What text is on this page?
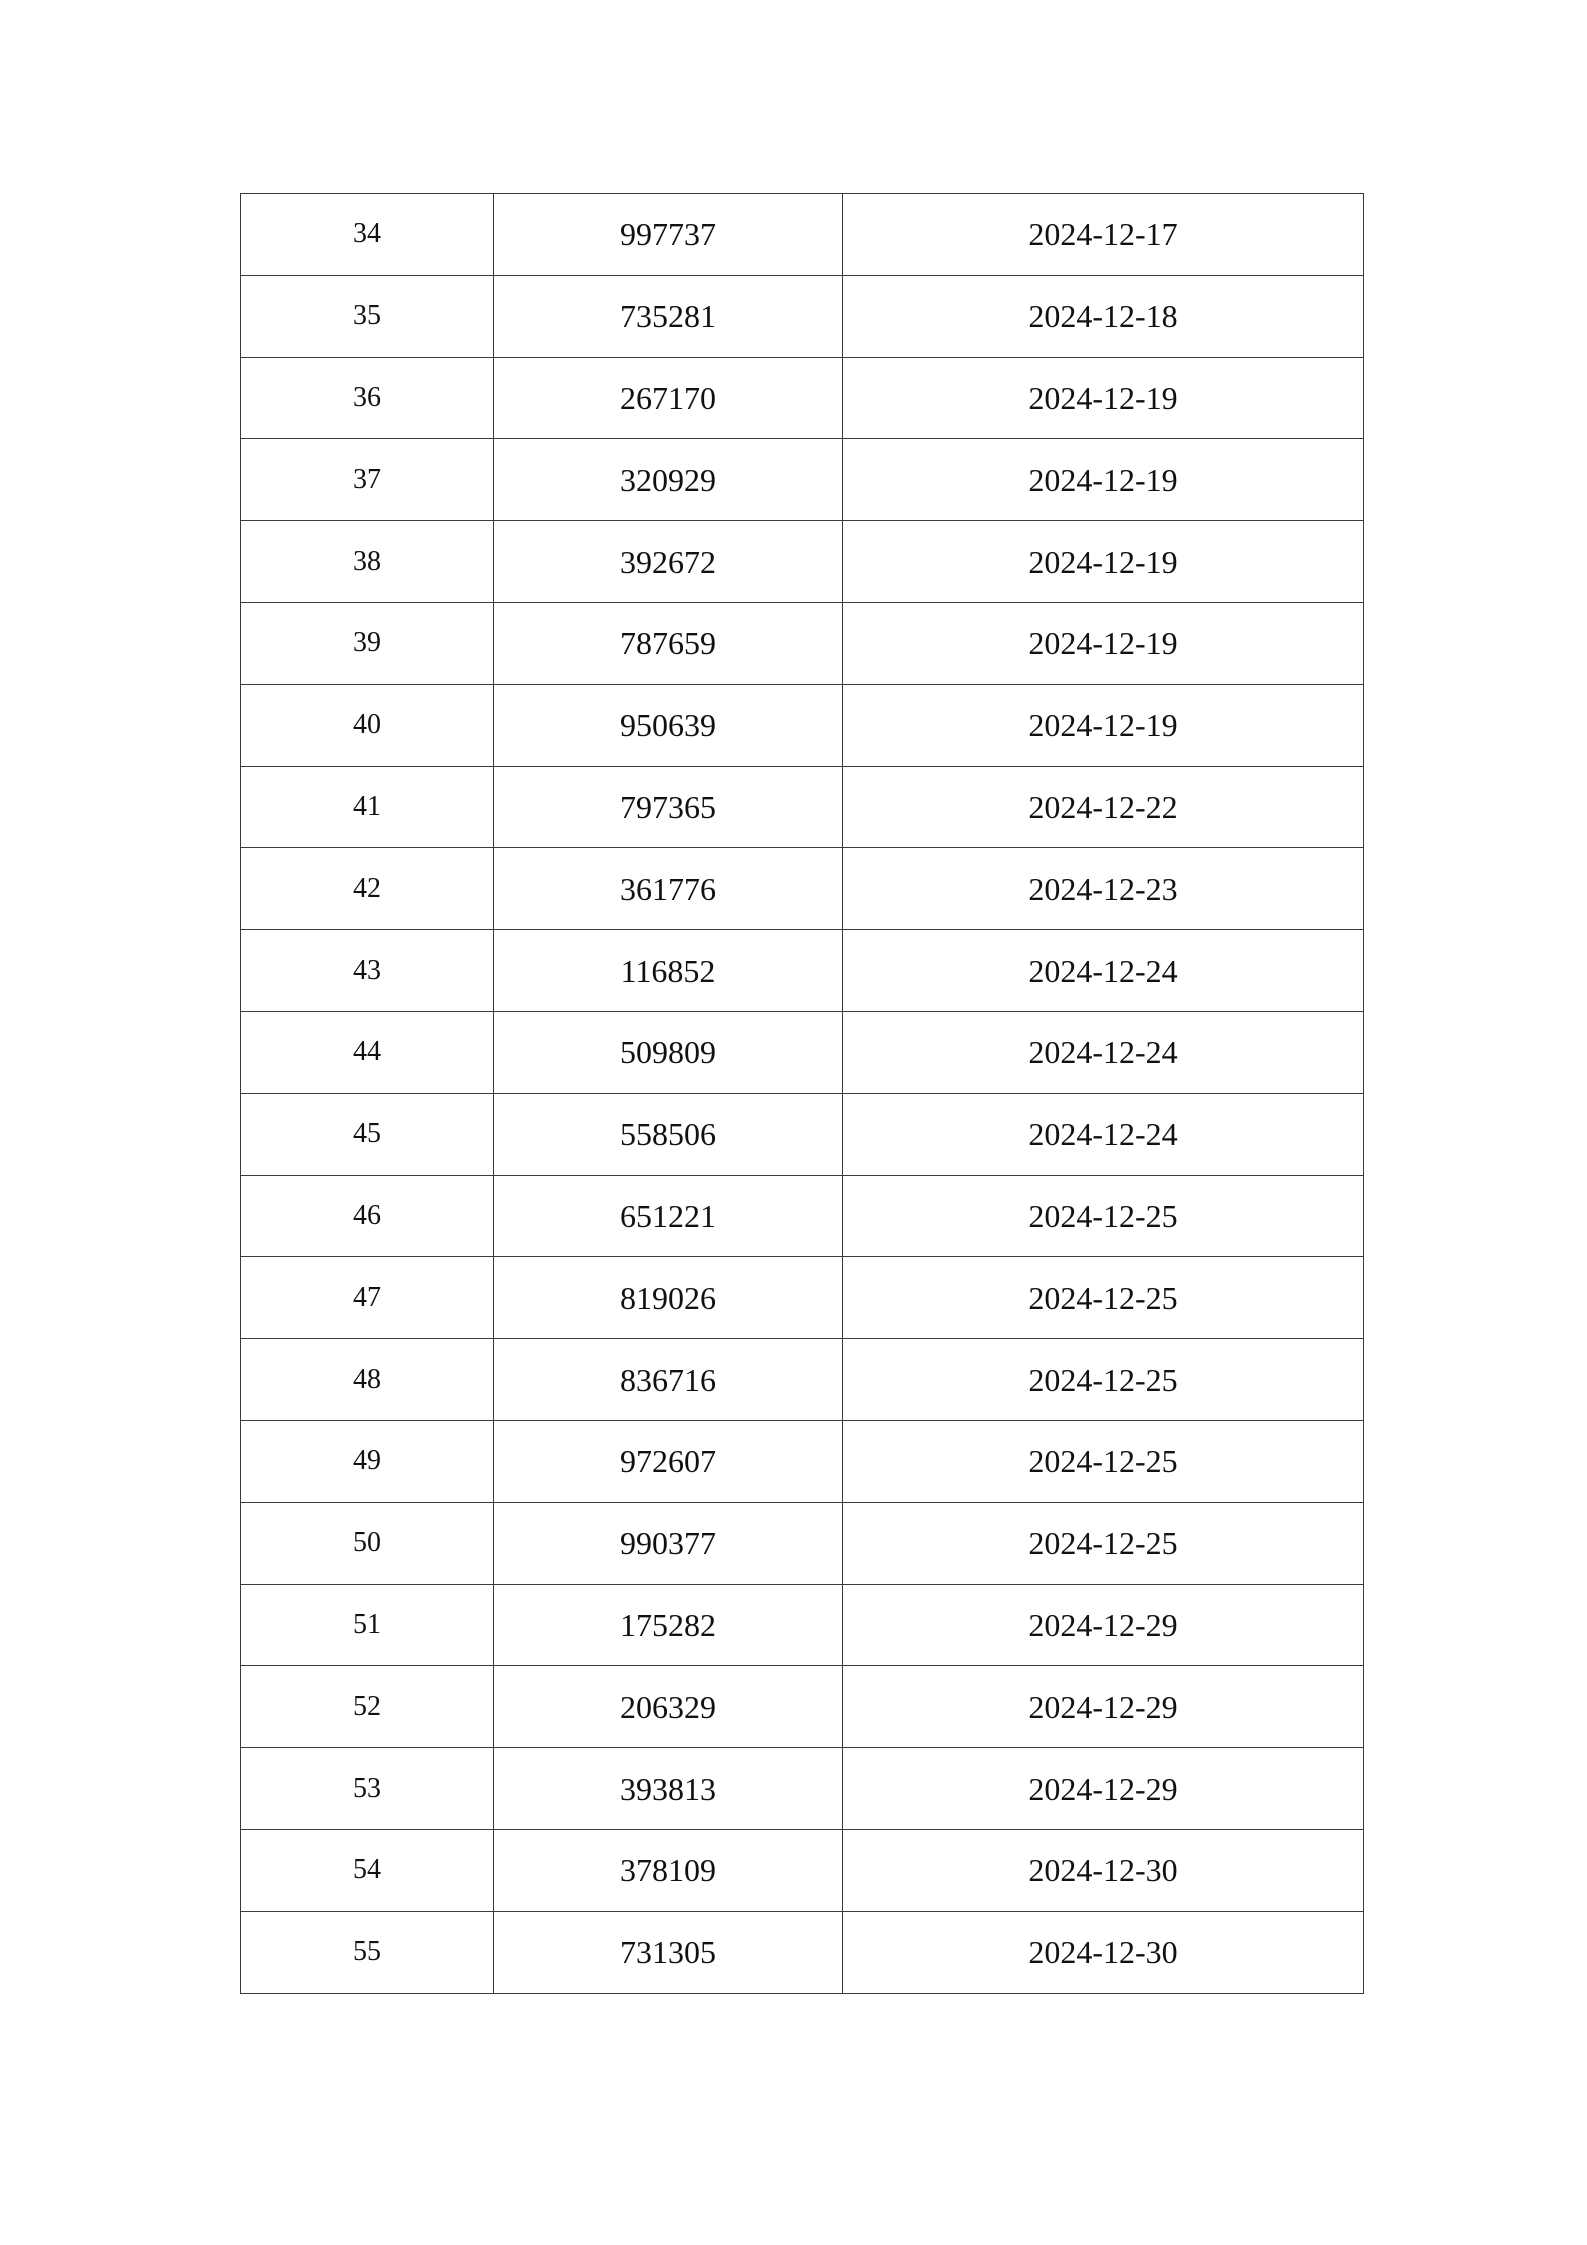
34	997737	2024-12-17
35	735281	2024-12-18
36	267170	2024-12-19
37	320929	2024-12-19
38	392672	2024-12-19
39	787659	2024-12-19
40	950639	2024-12-19
41	797365	2024-12-22
42	361776	2024-12-23
43	116852	2024-12-24
44	509809	2024-12-24
45	558506	2024-12-24
46	651221	2024-12-25
47	819026	2024-12-25
48	836716	2024-12-25
49	972607	2024-12-25
50	990377	2024-12-25
51	175282	2024-12-29
52	206329	2024-12-29
53	393813	2024-12-29
54	378109	2024-12-30
55	731305	2024-12-30
